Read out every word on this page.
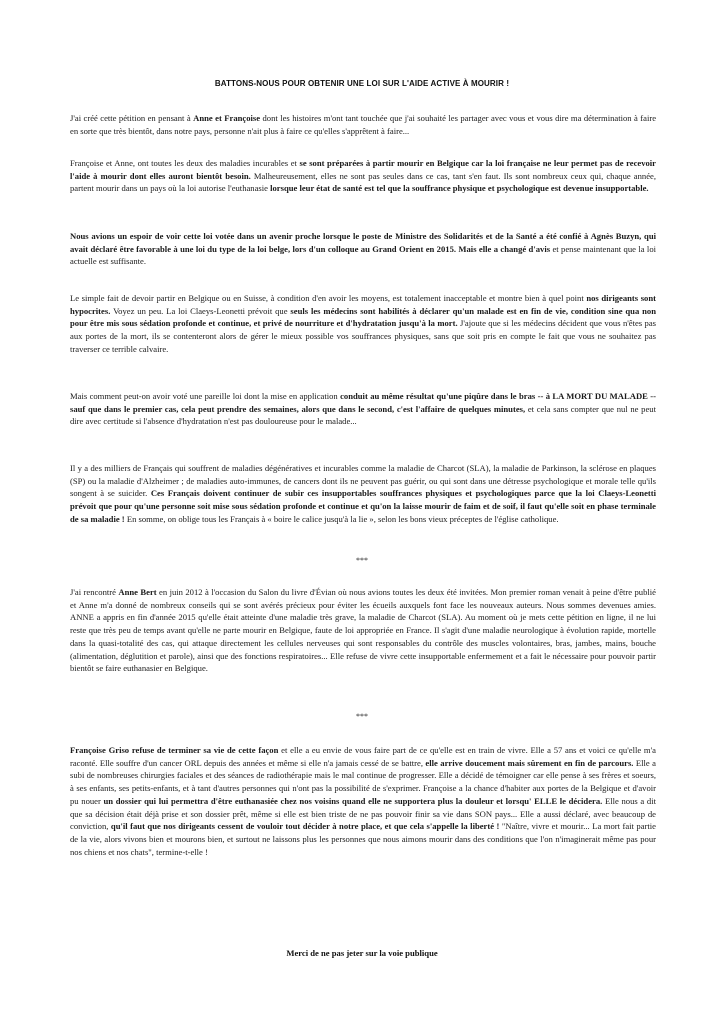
BATTONS-NOUS POUR OBTENIR UNE LOI SUR L'AIDE ACTIVE À MOURIR !

J'ai créé cette pétition en pensant à Anne et Françoise dont les histoires m'ont tant touchée que j'ai souhaité les partager avec vous et vous dire ma détermination à faire en sorte que très bientôt, dans notre pays, personne n'ait plus à faire ce qu'elles s'apprêtent à faire...

Françoise et Anne, ont toutes les deux des maladies incurables et se sont préparées à partir mourir en Belgique car la loi française ne leur permet pas de recevoir l'aide à mourir dont elles auront bientôt besoin. Malheureusement, elles ne sont pas seules dans ce cas, tant s'en faut. Ils sont nombreux ceux qui, chaque année, partent mourir dans un pays où la loi autorise l'euthanasie lorsque leur état de santé est tel que la souffrance physique et psychologique est devenue insupportable.

Nous avions un espoir de voir cette loi votée dans un avenir proche lorsque le poste de Ministre des Solidarités et de la Santé a été confié à Agnès Buzyn, qui avait déclaré être favorable à une loi du type de la loi belge, lors d'un colloque au Grand Orient en 2015. Mais elle a changé d'avis et pense maintenant que la loi actuelle est suffisante.

Le simple fait de devoir partir en Belgique ou en Suisse, à condition d'en avoir les moyens, est totalement inacceptable et montre bien à quel point nos dirigeants sont hypocrites. Voyez un peu. La loi Claeys-Leonetti prévoit que seuls les médecins sont habilités à déclarer qu'un malade est en fin de vie, condition sine qua non pour être mis sous sédation profonde et continue, et privé de nourriture et d'hydratation jusqu'à la mort. J'ajoute que si les médecins décident que vous n'êtes pas aux portes de la mort, ils se contenteront alors de gérer le mieux possible vos souffrances physiques, sans que soit pris en compte le fait que vous ne souhaitez pas traverser ce terrible calvaire.

Mais comment peut-on avoir voté une pareille loi dont la mise en application conduit au même résultat qu'une piqûre dans le bras -- à LA MORT DU MALADE -- sauf que dans le premier cas, cela peut prendre des semaines, alors que dans le second, c'est l'affaire de quelques minutes, et cela sans compter que nul ne peut dire avec certitude si l'absence d'hydratation n'est pas douloureuse pour le malade...

Il y a des milliers de Français qui souffrent de maladies dégénératives et incurables comme la maladie de Charcot (SLA), la maladie de Parkinson, la sclérose en plaques (SP) ou la maladie d'Alzheimer ; de maladies auto-immunes, de cancers dont ils ne peuvent pas guérir, ou qui sont dans une détresse psychologique et morale telle qu'ils songent à se suicider. Ces Français doivent continuer de subir ces insupportables souffrances physiques et psychologiques parce que la loi Claeys-Leonetti prévoit que pour qu'une personne soit mise sous sédation profonde et continue et qu'on la laisse mourir de faim et de soif, il faut qu'elle soit en phase terminale de sa maladie ! En somme, on oblige tous les Français à « boire le calice jusqu'à la lie », selon les bons vieux préceptes de l'église catholique.

***

J'ai rencontré Anne Bert en juin 2012 à l'occasion du Salon du livre d'Évian où nous avions toutes les deux été invitées. Mon premier roman venait à peine d'être publié et Anne m'a donné de nombreux conseils qui se sont avérés précieux pour éviter les écueils auxquels font face les nouveaux auteurs. Nous sommes devenues amies. ANNE a appris en fin d'année 2015 qu'elle était atteinte d'une maladie très grave, la maladie de Charcot (SLA). Au moment où je mets cette pétition en ligne, il ne lui reste que très peu de temps avant qu'elle ne parte mourir en Belgique, faute de loi appropriée en France. Il s'agit d'une maladie neurologique à évolution rapide, mortelle dans la quasi-totalité des cas, qui attaque directement les cellules nerveuses qui sont responsables du contrôle des muscles volontaires, bras, jambes, mains, bouche (alimentation, déglutition et parole), ainsi que des fonctions respiratoires... Elle refuse de vivre cette insupportable enfermement et a fait le nécessaire pour pouvoir partir bientôt se faire euthanasier en Belgique.

***

Françoise Griso refuse de terminer sa vie de cette façon et elle a eu envie de vous faire part de ce qu'elle est en train de vivre. Elle a 57 ans et voici ce qu'elle m'a raconté. Elle souffre d'un cancer ORL depuis des années et même si elle n'a jamais cessé de se battre, elle arrive doucement mais sûrement en fin de parcours. Elle a subi de nombreuses chirurgies faciales et des séances de radiothérapie mais le mal continue de progresser. Elle a décidé de témoigner car elle pense à ses frères et soeurs, à ses enfants, ses petits-enfants, et à tant d'autres personnes qui n'ont pas la possibilité de s'exprimer. Françoise a la chance d'habiter aux portes de la Belgique et d'avoir pu nouer un dossier qui lui permettra d'être euthanasiée chez nos voisins quand elle ne supportera plus la douleur et lorsqu' ELLE le décidera. Elle nous a dit que sa décision était déjà prise et son dossier prêt, même si elle est bien triste de ne pas pouvoir finir sa vie dans SON pays... Elle a aussi déclaré, avec beaucoup de conviction, qu'il faut que nos dirigeants cessent de vouloir tout décider à notre place, et que cela s'appelle la liberté ! "Naître, vivre et mourir... La mort fait partie de la vie, alors vivons bien et mourons bien, et surtout ne laissons plus les personnes que nous aimons mourir dans des conditions que l'on n'imaginerait même pas pour nos chiens et nos chats", termine-t-elle !

Merci de ne pas jeter sur la voie publique
